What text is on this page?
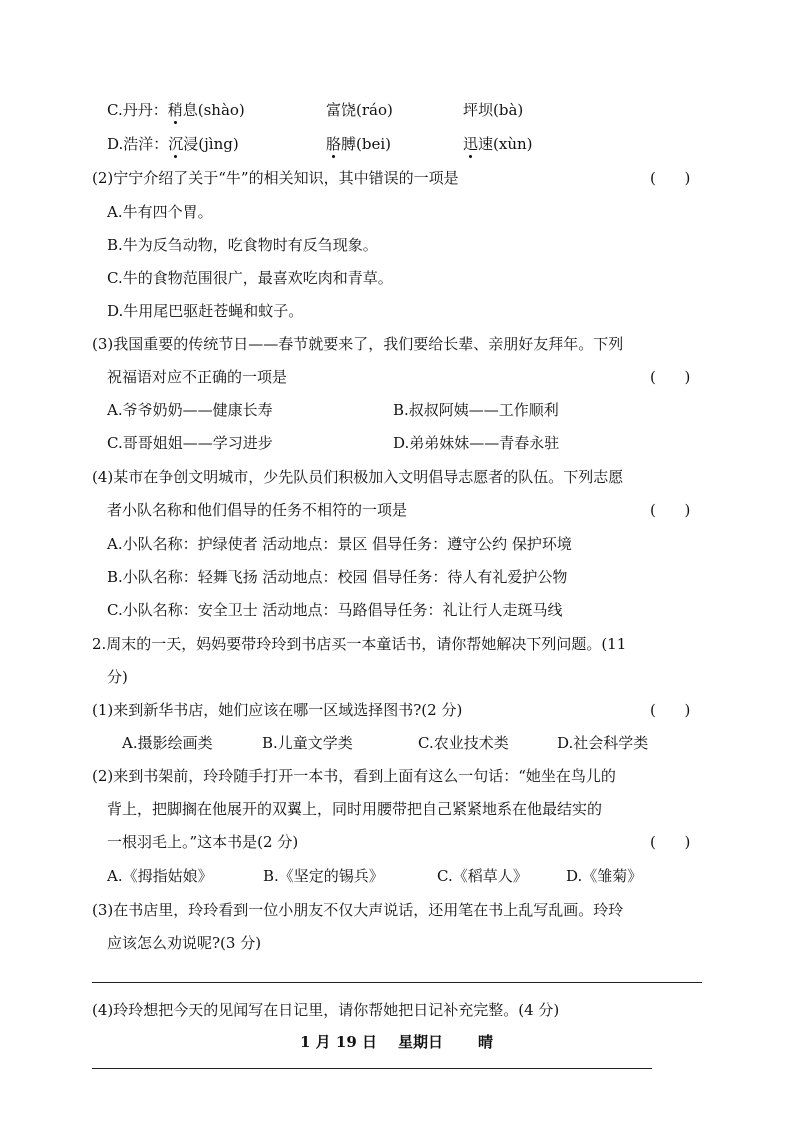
C.丹丹：稍息(shào)	富饶(ráo)	坪坝(bà)
D.浩洋：沉浸(jìng)	胳膊(bei)	迅速(xùn)
(2)宁宁介绍了关于“牛”的相关知识，其中错误的一项是	(      )
A.牛有四个胃。
B.牛为反刍动物，吃食物时有反刍现象。
C.牛的食物范围很广，最喜欢吃肉和青草。
D.牛用尾巴驱赶苍蝇和蚊子。
(3)我国重要的传统节日——春节就要来了，我们要给长辈、亲朋好友拜年。下列
祝福语对应不正确的一项是	(      )
A.爷爷奶奶——健康长寿	B.叔叔阿姨——工作顺利
C.哥哥姐姐——学习进步	D.弟弟妹妹——青春永驻
(4)某市在争创文明城市，少先队员们积极加入文明倡导志愿者的队伍。下列志愿
者小队名称和他们倡导的任务不相符的一项是	(      )
A.小队名称：护绿使者 活动地点：景区 倡导任务：遵守公约 保护环境
B.小队名称：轻舞飞扬 活动地点：校园 倡导任务：待人有礼爱护公物
C.小队名称：安全卫士 活动地点：马路倡导任务：礼让行人走斑马线
2.周末的一天，妈妈要带玲玲到书店买一本童话书，请你帮她解决下列问题。(11
分)
(1)来到新华书店，她们应该在哪一区域选择图书?(2 分)	(      )
A.摄影绘画类	B.儿童文学类	C.农业技术类	D.社会科学类
(2)来到书架前，玲玲随手打开一本书，看到上面有这么一句话：“她坐在鸟儿的
背上，把脚搁在他展开的双翼上，同时用腰带把自己紧紧地系在他最结实的
一根羽毛上。”这本书是(2 分)	(      )
A.《拇指姑娘》	B.《坚定的锡兵》	C.《稻草人》	D.《雏菊》
(3)在书店里，玲玲看到一位小朋友不仅大声说话，还用笔在书上乱写乱画。玲玲
应该怎么劝说呢?(3 分)
(4)玲玲想把今天的见闻写在日记里，请你帮她把日记补充完整。(4 分)
1 月 19 日 星期日 晴
